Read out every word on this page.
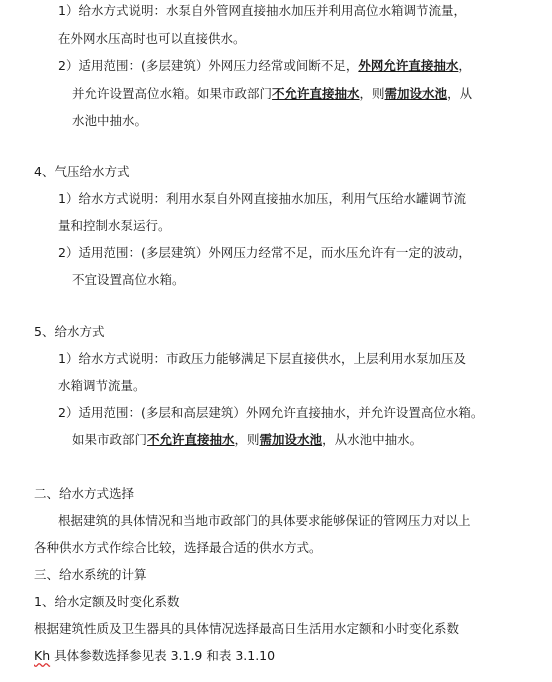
1）给水方式说明：水泵自外管网直接抽水加压并利用高位水箱调节流量，
在外网水压高时也可以直接供水。
2）适用范围：(多层建筑）外网压力经常或间断不足，外网允许直接抽水，
并允许设置高位水箱。如果市政部门不允许直接抽水，则需加设水池，从
水池中抽水。
4、气压给水方式
1）给水方式说明：利用水泵自外网直接抽水加压，利用气压给水罐调节流
量和控制水泵运行。
2）适用范围：(多层建筑）外网压力经常不足，而水压允许有一定的波动，
不宜设置高位水箱。
5、给水方式
1）给水方式说明：市政压力能够满足下层直接供水，上层利用水泵加压及
水箱调节流量。
2）适用范围：(多层和高层建筑）外网允许直接抽水，并允许设置高位水箱。
如果市政部门不允许直接抽水，则需加设水池，从水池中抽水。
二、给水方式选择
根据建筑的具体情况和当地市政部门的具体要求能够保证的管网压力对以上
各种供水方式作综合比较，选择最合适的供水方式。
三、给水系统的计算
1、给水定额及时变化系数
根据建筑性质及卫生器具的具体情况选择最高日生活用水定额和小时变化系数
Kh 具体参数选择参见表 3.1.9 和表 3.1.10
